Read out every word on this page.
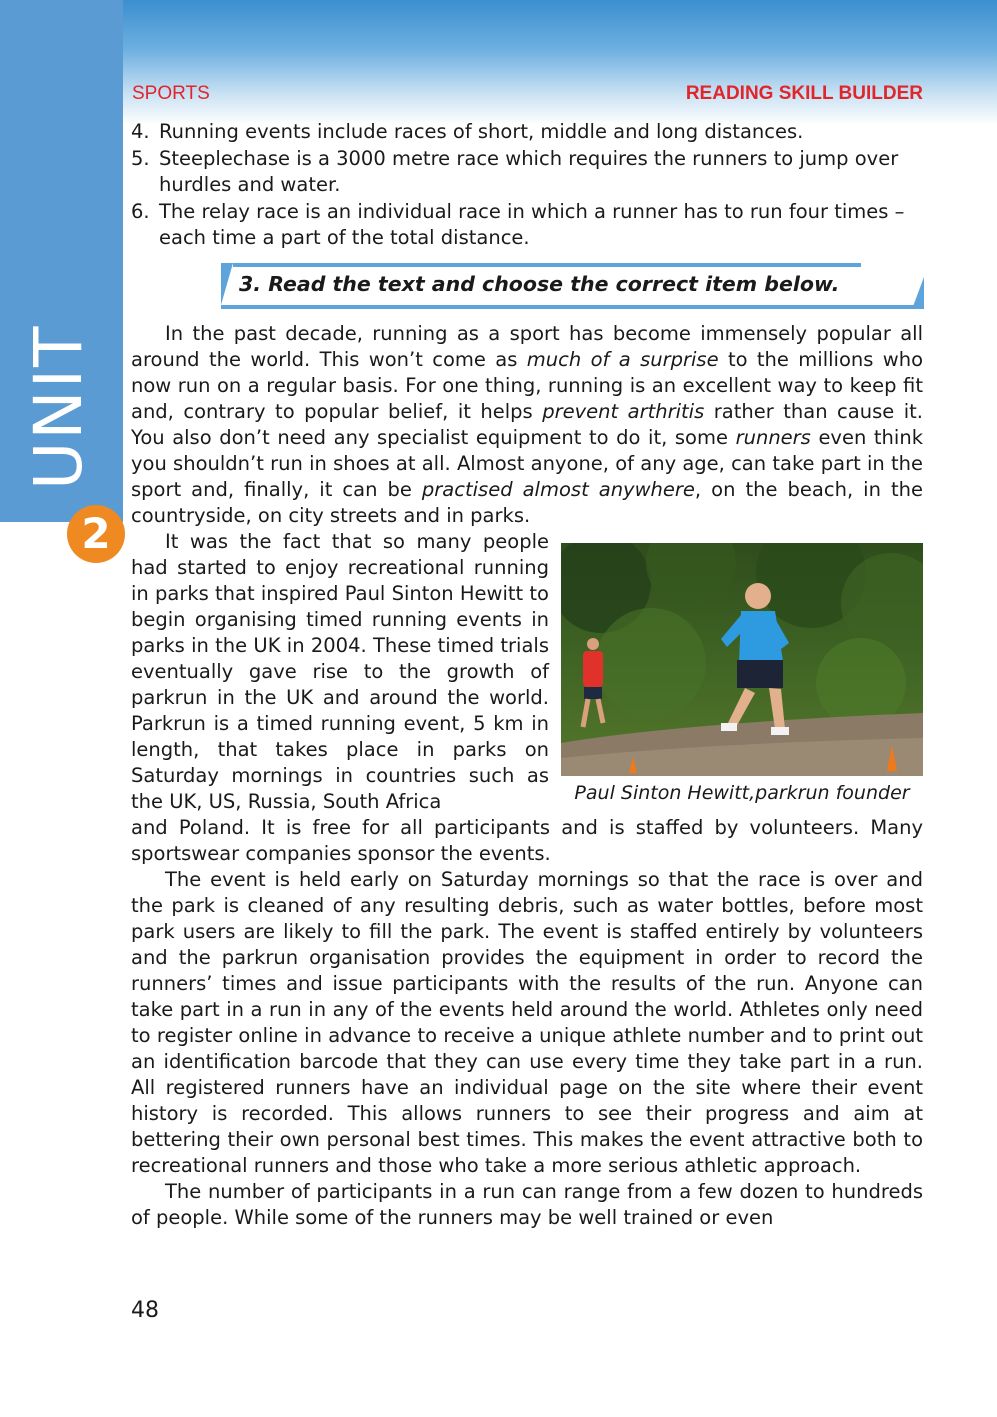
UNIT
2
SPORTS	READING SKILL BUILDER
4. Running events include races of short, middle and long distances.
5. Steeplechase is a 3000 metre race which requires the runners to jump over hurdles and water.
6. The relay race is an individual race in which a runner has to run four times – each time a part of the total distance.
3. Read the text and choose the correct item below.

In the past decade, running as a sport has become immensely popular all around the world. This won’t come as much of a surprise to the millions who now run on a regular basis. For one thing, running is an excellent way to keep fit and, contrary to popular belief, it helps prevent arthritis rather than cause it. You also don’t need any specialist equipment to do it, some runners even think you shouldn’t run in shoes at all. Almost anyone, of any age, can take part in the sport and, finally, it can be practised almost anywhere, on the beach, in the countryside, on city streets and in parks.

It was the fact that so many people had started to enjoy recreational running in parks that inspired Paul Sinton Hewitt to begin organising timed running events in parks in the UK in 2004. These timed trials eventually gave rise to the growth of parkrun in the UK and around the world. Parkrun is a timed running event, 5 km in length, that takes place in parks on Saturday mornings in countries such as the UK, US, Russia, South Africa	Paul Sinton Hewitt,parkrun founder

and Poland. It is free for all participants and is staffed by volunteers. Many sportswear companies sponsor the events.

The event is held early on Saturday mornings so that the race is over and the park is cleaned of any resulting debris, such as water bottles, before most park users are likely to fill the park. The event is staffed entirely by volunteers and the parkrun organisation provides the equipment in order to record the runners’ times and issue participants with the results of the run. Anyone can take part in a run in any of the events held around the world. Athletes only need to register online in advance to receive a unique athlete number and to print out an identification barcode that they can use every time they take part in a run. All registered runners have an individual page on the site where their event history is recorded. This allows runners to see their progress and aim at bettering their own personal best times. This makes the event attractive both to recreational runners and those who take a more serious athletic approach.

The number of participants in a run can range from a few dozen to hundreds of people. While some of the runners may be well trained or even

48
